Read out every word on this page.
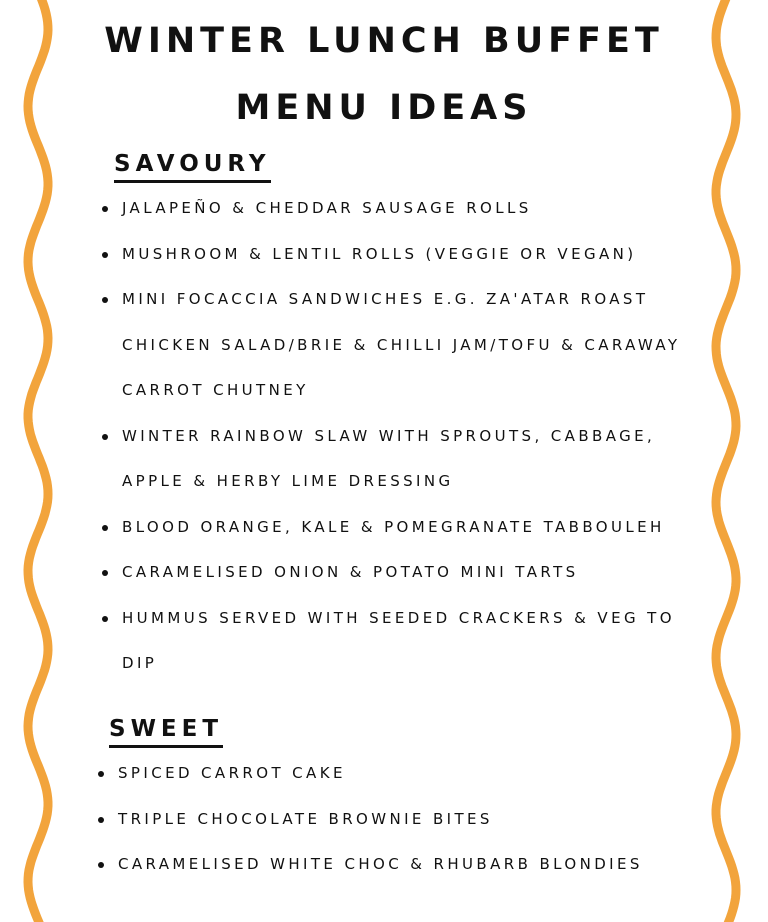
WINTER LUNCH BUFFET
MENU IDEAS
SAVOURY
JALAPEÑO & CHEDDAR SAUSAGE ROLLS
MUSHROOM & LENTIL ROLLS (VEGGIE OR VEGAN)
MINI FOCACCIA SANDWICHES E.G. ZA'ATAR ROAST CHICKEN SALAD/BRIE & CHILLI JAM/TOFU & CARAWAY CARROT CHUTNEY
WINTER RAINBOW SLAW WITH SPROUTS, CABBAGE, APPLE & HERBY LIME DRESSING
BLOOD ORANGE, KALE & POMEGRANATE TABBOULEH
CARAMELISED ONION & POTATO MINI TARTS
HUMMUS SERVED WITH SEEDED CRACKERS & VEG TO DIP
SWEET
SPICED CARROT CAKE
TRIPLE CHOCOLATE BROWNIE BITES
CARAMELISED WHITE CHOC & RHUBARB BLONDIES
